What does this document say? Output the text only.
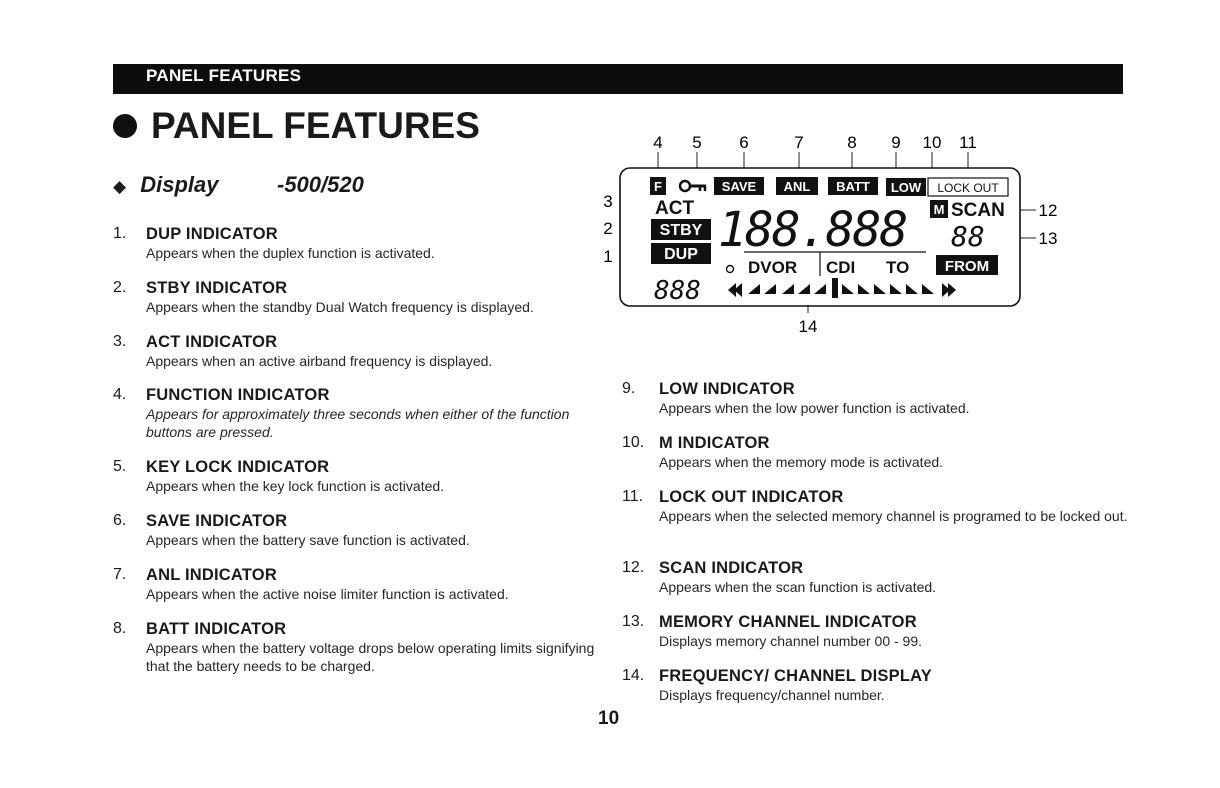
PANEL FEATURES
PANEL FEATURES
◆ Display	-500/520
1. DUP INDICATOR
Appears when the duplex function is activated.
2. STBY INDICATOR
Appears when the standby Dual Watch frequency is displayed.
3. ACT INDICATOR
Appears when an active airband frequency is displayed.
4. FUNCTION INDICATOR
Appears for approximately three seconds when either of the function buttons are pressed.
5. KEY LOCK INDICATOR
Appears when the key lock function is activated.
6. SAVE INDICATOR
Appears when the battery save function is activated.
7. ANL INDICATOR
Appears when the active noise limiter function is activated.
8. BATT INDICATOR
Appears when the battery voltage drops below operating limits signifying that the battery needs to be charged.
9. LOW INDICATOR
Appears when the low power function is activated.
10. M INDICATOR
Appears when the memory mode is activated.
11. LOCK OUT INDICATOR
Appears when the selected memory channel is programed to be locked out.
12. SCAN INDICATOR
Appears when the scan function is activated.
13. MEMORY CHANNEL INDICATOR
Displays memory channel number 00 - 99.
14. FREQUENCY/ CHANNEL DISPLAY
Displays frequency/channel number.
4 5 6	7	8 9 10 11
3
2
1
12
13
14
F	SAVE ANL BATT LOW LOCK OUT
ACT
STBY
DUP 188.888 M SCAN
88
DVOR CDI TO FROM
888
10
